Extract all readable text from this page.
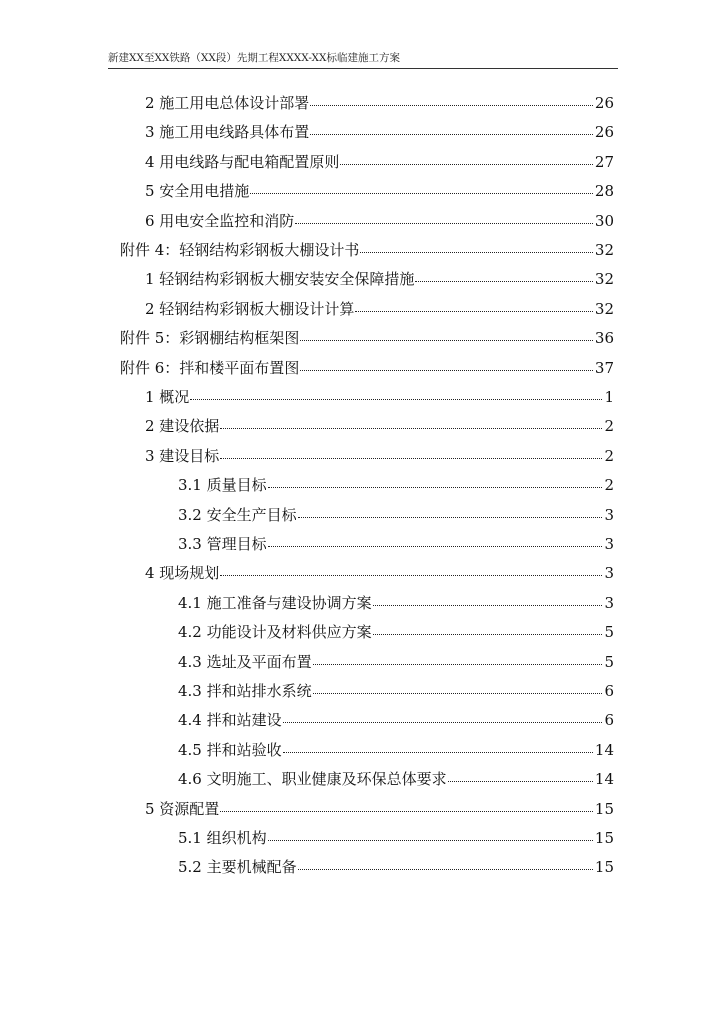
新建XX至XX铁路（XX段）先期工程XXXX-XX标临建施工方案
2 施工用电总体设计部署	26
3 施工用电线路具体布置	26
4 用电线路与配电箱配置原则	27
5 安全用电措施	28
6 用电安全监控和消防	30
附件 4：轻钢结构彩钢板大棚设计书	32
1 轻钢结构彩钢板大棚安装安全保障措施	32
2 轻钢结构彩钢板大棚设计计算	32
附件 5：彩钢棚结构框架图	36
附件 6：拌和楼平面布置图	37
1 概况	1
2 建设依据	2
3 建设目标	2
3.1 质量目标	2
3.2 安全生产目标	3
3.3 管理目标	3
4 现场规划	3
4.1 施工准备与建设协调方案	3
4.2 功能设计及材料供应方案	5
4.3 选址及平面布置	5
4.3 拌和站排水系统	6
4.4 拌和站建设	6
4.5 拌和站验收	14
4.6 文明施工、职业健康及环保总体要求	14
5 资源配置	15
5.1 组织机构	15
5.2 主要机械配备	15
